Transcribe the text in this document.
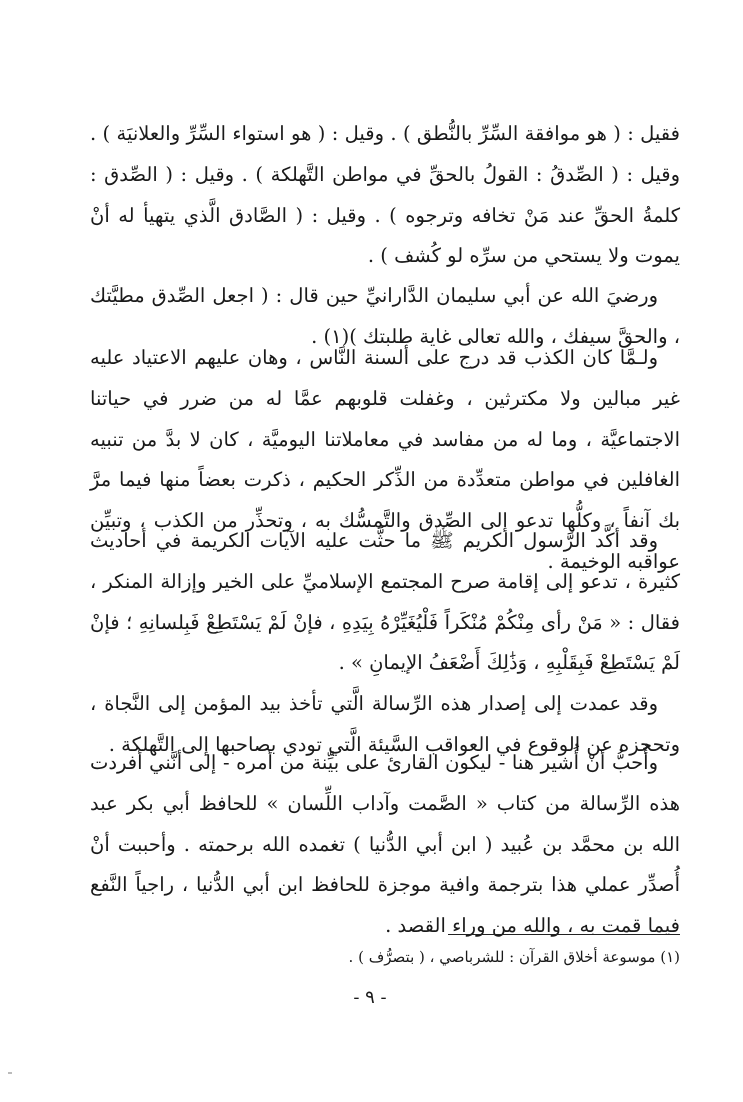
فقيل : ( هو موافقة السِّرِّ بالنُّطق ) . وقيل : ( هو استواء السِّرِّ والعلانيَة ) . وقيل : ( الصِّدقُ : القولُ بالحقِّ في مواطن التَّهلكة ) . وقيل : ( الصِّدق : كلمةُ الحقِّ عند مَنْ تخافه وترجوه ) . وقيل : ( الصَّادق الَّذي يتهيأ له أنْ يموت ولا يستحي من سرِّه لو كُشف ) .

ورضيَ الله عن أبي سليمان الدَّارانيِّ حين قال : ( اجعل الصِّدق مطيَّتك ، والحقَّ سيفك ، والله تعالى غاية طلبتك )(١) .

ولـمَّا كان الكذب قد درج على ألسنة النَّاس ، وهان عليهم الاعتياد عليه غير مبالين ولا مكترثين ، وغفلت قلوبهم عمَّا له من ضرر في حياتنا الاجتماعيَّة ، وما له من مفاسد في معاملاتنا اليوميَّة ، كان لا بدَّ من تنبيه الغافلين في مواطن متعدِّدة من الذِّكر الحكيم ، ذكرت بعضاً منها فيما مرَّ بك آنفاً ، وكلُّها تدعو إلى الصِّدق والتَّمسُّك به ، وتحذِّر من الكذب ، وتبيِّن عواقبه الوخيمة .

وقد أكَّد الرَّسول الكريم ﷺ ما حثَّت عليه الآيات الكريمة في أحاديث كثيرة ، تدعو إلى إقامة صرح المجتمع الإسلاميِّ على الخير وإزالة المنكر ، فقال : « مَنْ رأى مِنْكُمْ مُنْكَراً فَلْيُغَيِّرْهُ بِيَدِهِ ، فإنْ لَمْ يَسْتَطِعْ فَبِلسانِهِ ؛ فإنْ لَمْ يَسْتَطِعْ فَبِقَلْبِهِ ، وَذَٰلِكَ أَضْعَفُ الإيمانِ » .

وقد عمدت إلى إصدار هذه الرِّسالة الَّتي تأخذ بيد المؤمن إلى النَّجاة ، وتحجزه عن الوقوع في العواقب السَّيئة الَّتي تودي بصاحبها إلى التَّهلكة .

وأُحبُّ أنْ أُشير هنا - ليكون القارئ على بيِّنة من أمره - إلى أنَّني أفردت هذه الرِّسالة من كتاب « الصَّمت وآداب اللِّسان » للحافظ أبي بكر عبد الله بن محمَّد بن عُبيد ( ابن أبي الدُّنيا ) تغمده الله برحمته . وأحببت أنْ أُصدِّر عملي هذا بترجمة وافية موجزة للحافظ ابن أبي الدُّنيا ، راجياً النَّفع فيما قمت به ، والله من وراء القصد .

(١) موسوعة أخلاق القرآن : للشرباصي ، ( بتصرُّف ) .
- ٩ -
